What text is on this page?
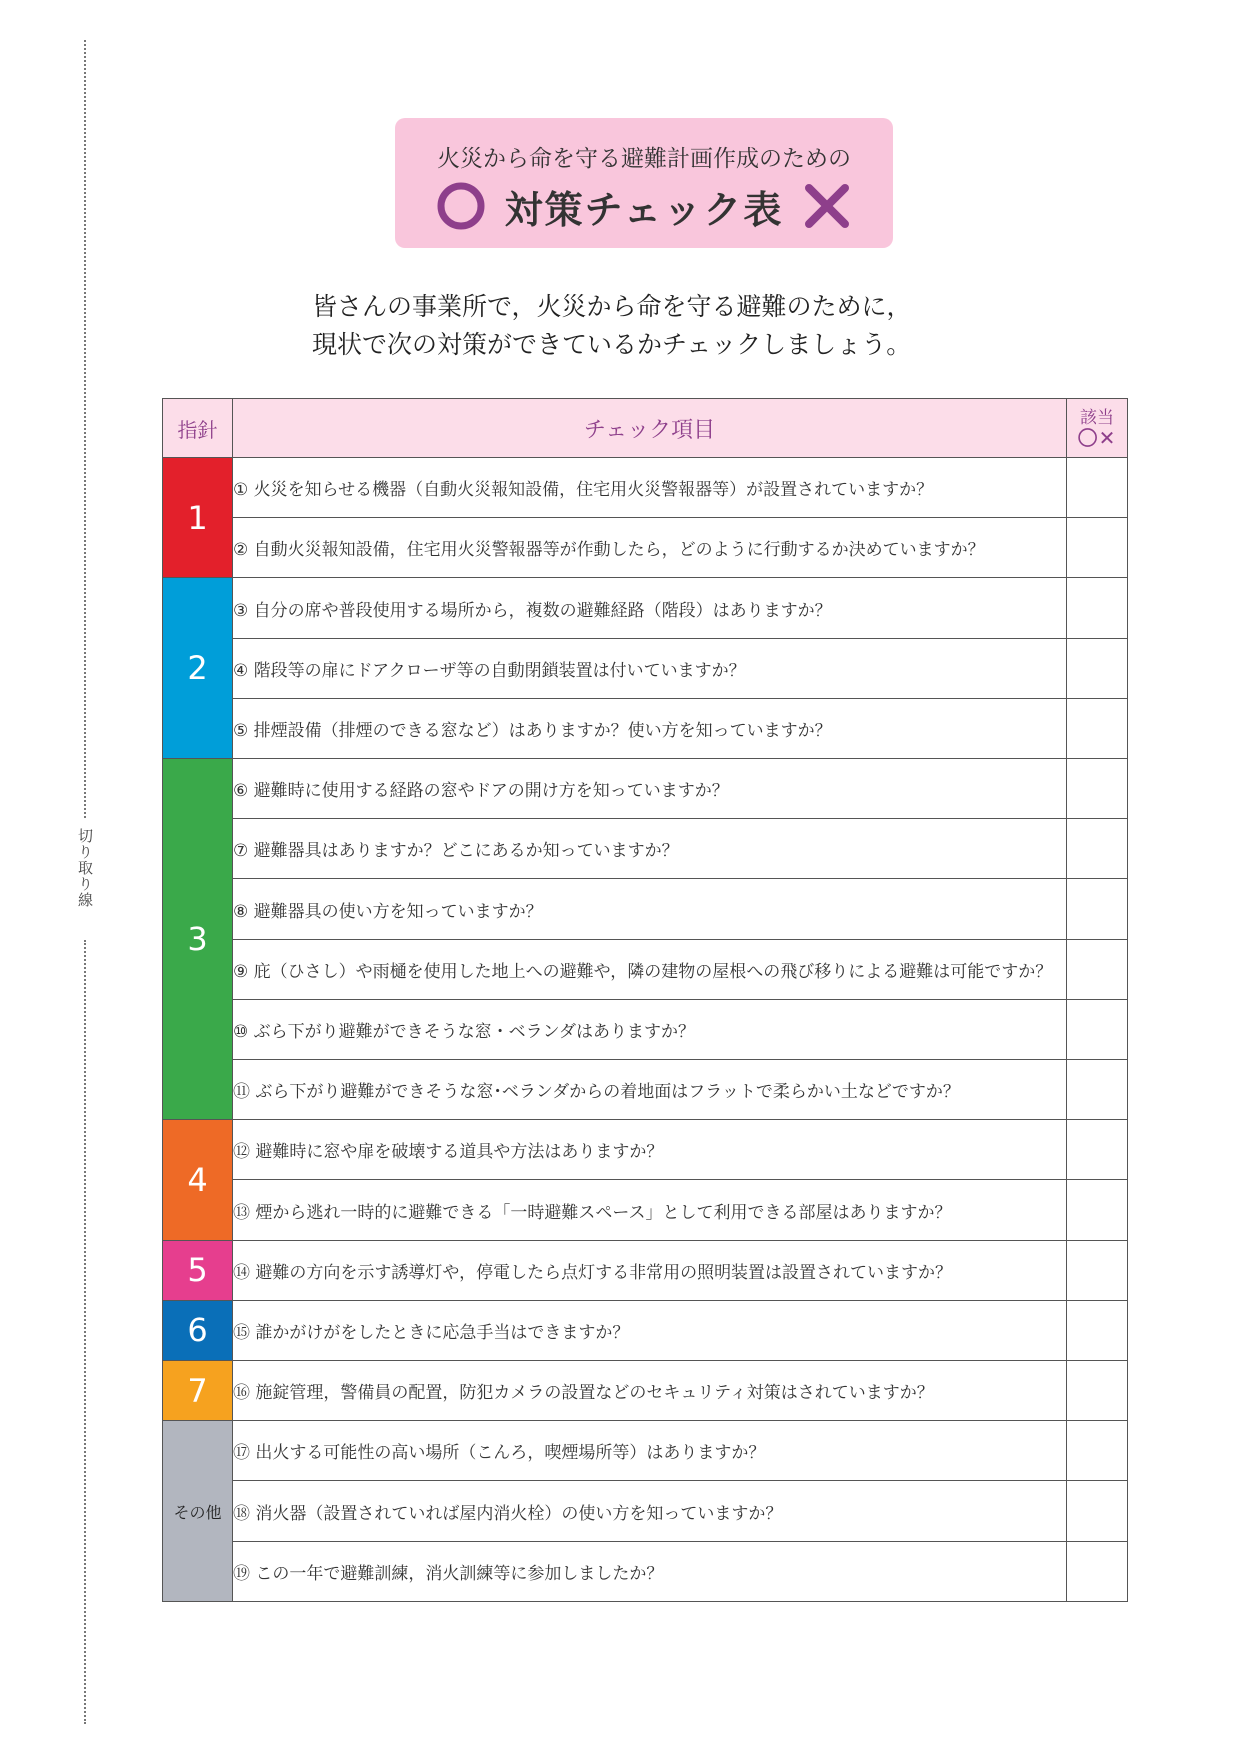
切り取り線
火災から命を守る避難計画作成のための
対策チェック表
皆さんの事業所で，火災から命を守る避難のために，
現状で次の対策ができているかチェックしましょう。
指針	チェック項目	該当
〇✕

1	① 火災を知らせる機器（自動火災報知設備，住宅用火災警報器等）が設置されていますか？	
	② 自動火災報知設備，住宅用火災警報器等が作動したら，どのように行動するか決めていますか？	
2	③ 自分の席や普段使用する場所から，複数の避難経路（階段）はありますか？	
	④ 階段等の扉にドアクローザ等の自動閉鎖装置は付いていますか？	
	⑤ 排煙設備（排煙のできる窓など）はありますか？使い方を知っていますか？	
3	⑥ 避難時に使用する経路の窓やドアの開け方を知っていますか？	
	⑦ 避難器具はありますか？どこにあるか知っていますか？	
	⑧ 避難器具の使い方を知っていますか？	
	⑨ 庇（ひさし）や雨樋を使用した地上への避難や，隣の建物の屋根への飛び移りによる避難は可能ですか？	
	⑩ ぶら下がり避難ができそうな窓・ベランダはありますか？	
	⑪ ぶら下がり避難ができそうな窓･ベランダからの着地面はフラットで柔らかい土などですか？	
4	⑫ 避難時に窓や扉を破壊する道具や方法はありますか？	
	⑬ 煙から逃れ一時的に避難できる「一時避難スペース」として利用できる部屋はありますか？	
5	⑭ 避難の方向を示す誘導灯や，停電したら点灯する非常用の照明装置は設置されていますか？	
6	⑮ 誰かがけがをしたときに応急手当はできますか？	
7	⑯ 施錠管理，警備員の配置，防犯カメラの設置などのセキュリティ対策はされていますか？	
その他	⑰ 出火する可能性の高い場所（こんろ，喫煙場所等）はありますか？	
	⑱ 消火器（設置されていれば屋内消火栓）の使い方を知っていますか？	
	⑲ この一年で避難訓練，消火訓練等に参加しましたか？	
